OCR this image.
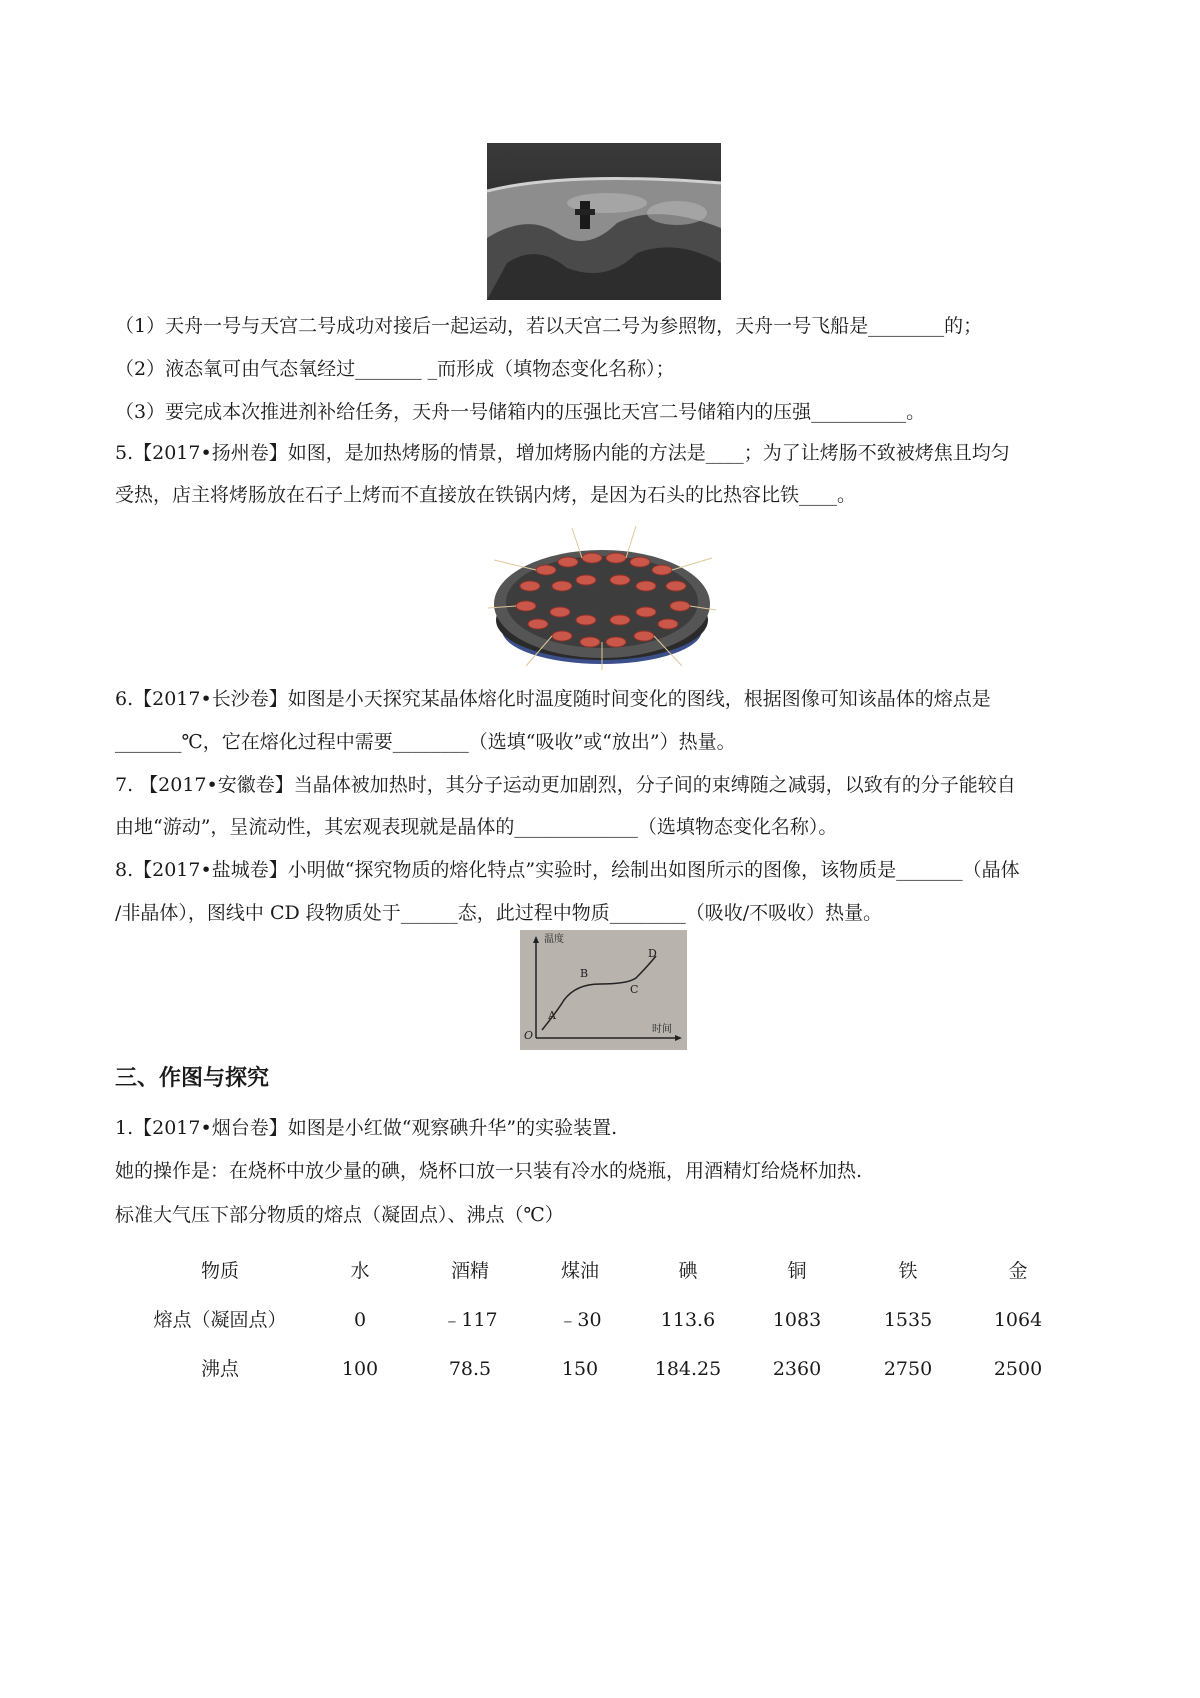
（1）天舟一号与天宫二号成功对接后一起运动，若以天宫二号为参照物，天舟一号飞船是________的；
（2）液态氧可由气态氧经过_______ _而形成（填物态变化名称）；
（3）要完成本次推进剂补给任务，天舟一号储箱内的压强比天宫二号储箱内的压强__________。
5.【2017•扬州卷】如图，是加热烤肠的情景，增加烤肠内能的方法是____；为了让烤肠不致被烤焦且均匀
受热，店主将烤肠放在石子上烤而不直接放在铁锅内烤，是因为石头的比热容比铁____。
6.【2017•长沙卷】如图是小天探究某晶体熔化时温度随时间变化的图线，根据图像可知该晶体的熔点是
_______℃，它在熔化过程中需要________（选填“吸收”或“放出”）热量。
7. 【2017•安徽卷】当晶体被加热时，其分子运动更加剧烈，分子间的束缚随之减弱，以致有的分子能较自
由地“游动”，呈流动性，其宏观表现就是晶体的_____________（选填物态变化名称）。
8.【2017•盐城卷】小明做“探究物质的熔化特点”实验时，绘制出如图所示的图像，该物质是_______（晶体
/非晶体），图线中 CD 段物质处于______态，此过程中物质________（吸收/不吸收）热量。
温度
时间
O
A
B
C
D
三、作图与探究
1.【2017•烟台卷】如图是小红做“观察碘升华”的实验装置.
她的操作是：在烧杯中放少量的碘，烧杯口放一只装有冷水的烧瓶，用酒精灯给烧杯加热.
标准大气压下部分物质的熔点（凝固点）、沸点（℃）
物质	水	酒精	煤油	碘	铜	铁	金
熔点（凝固点）	0	﹣117	﹣30	113.6	1083	1535	1064
沸点	100	78.5	150	184.25	2360	2750	2500
